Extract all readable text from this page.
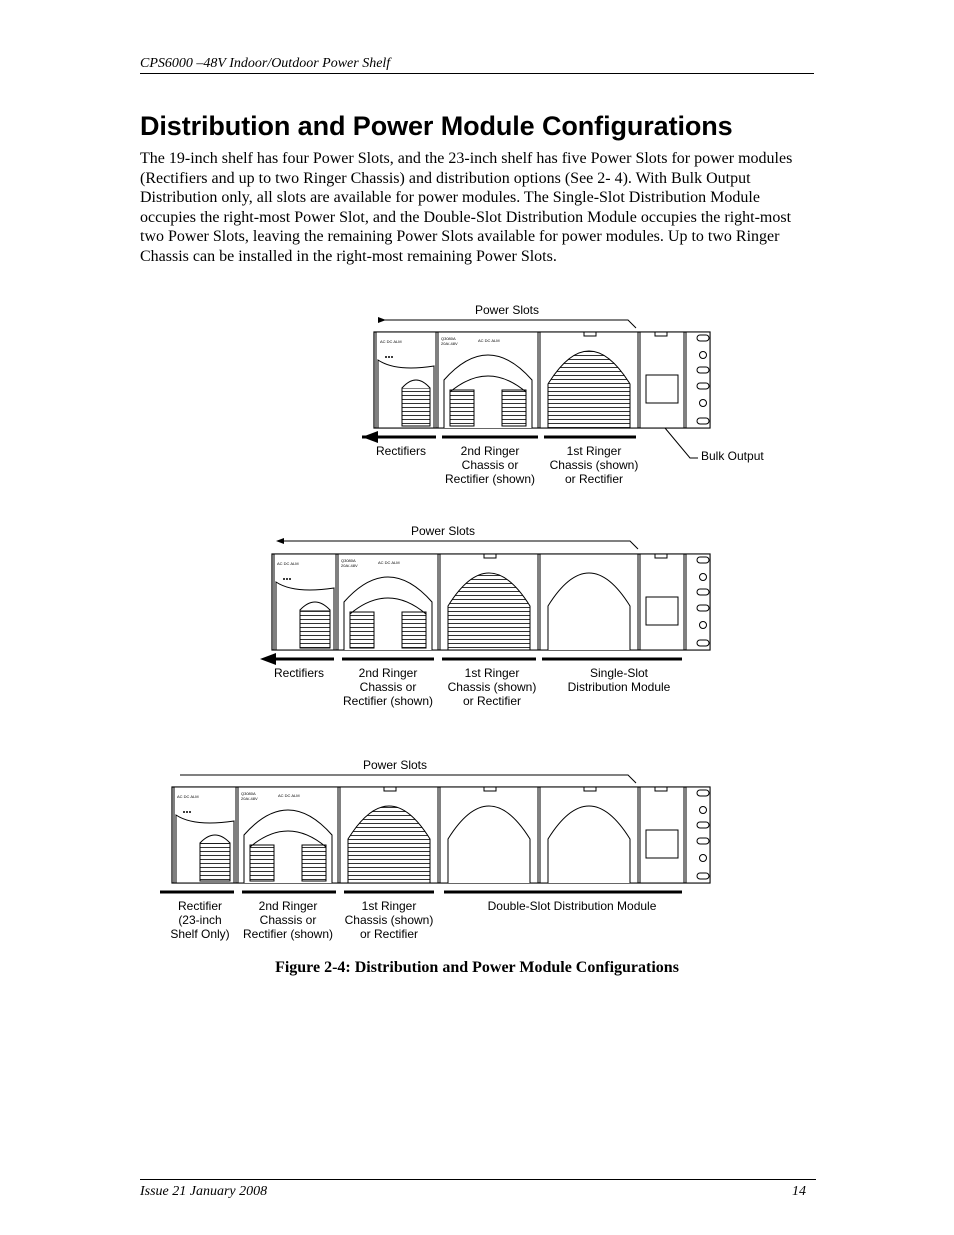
CPS6000 –48V Indoor/Outdoor Power Shelf
Distribution and Power Module Configurations

The 19-inch shelf has four Power Slots, and the 23-inch shelf has five Power Slots for power modules (Rectifiers and up to two Ringer Chassis) and distribution options (See 2- 4). With Bulk Output Distribution only, all slots are available for power modules. The Single-Slot Distribution Module occupies the right-most Power Slot, and the Double-Slot Distribution Module occupies the right-most two Power Slots, leaving the remaining Power Slots available for power modules. Up to two Ringer Chassis can be installed in the right-most remaining Power Slots.

Power Slots
AC DC ALM
Q3080A
20A/-48V
AC DC ALM
Rectifiers	2nd Ringer
Chassis or
Rectifier (shown)
1st Ringer
Chassis (shown)
or Rectifier
Bulk Output
Power Slots
AC DC ALM
Q3080A
20A/-48V
AC DC ALM
Rectifiers	2nd Ringer
Chassis or
Rectifier (shown)
1st Ringer
Chassis (shown)
or Rectifier
Single-Slot
Distribution Module
Power Slots
AC DC ALM
Q3080A
20A/-48V
AC DC ALM
Rectifier
(23-inch
Shelf Only)
2nd Ringer
Chassis or
Rectifier (shown)
1st Ringer
Chassis (shown)
or Rectifier
Double-Slot Distribution Module
Figure 2-4: Distribution and Power Module Configurations
Issue 21 January 2008	14
